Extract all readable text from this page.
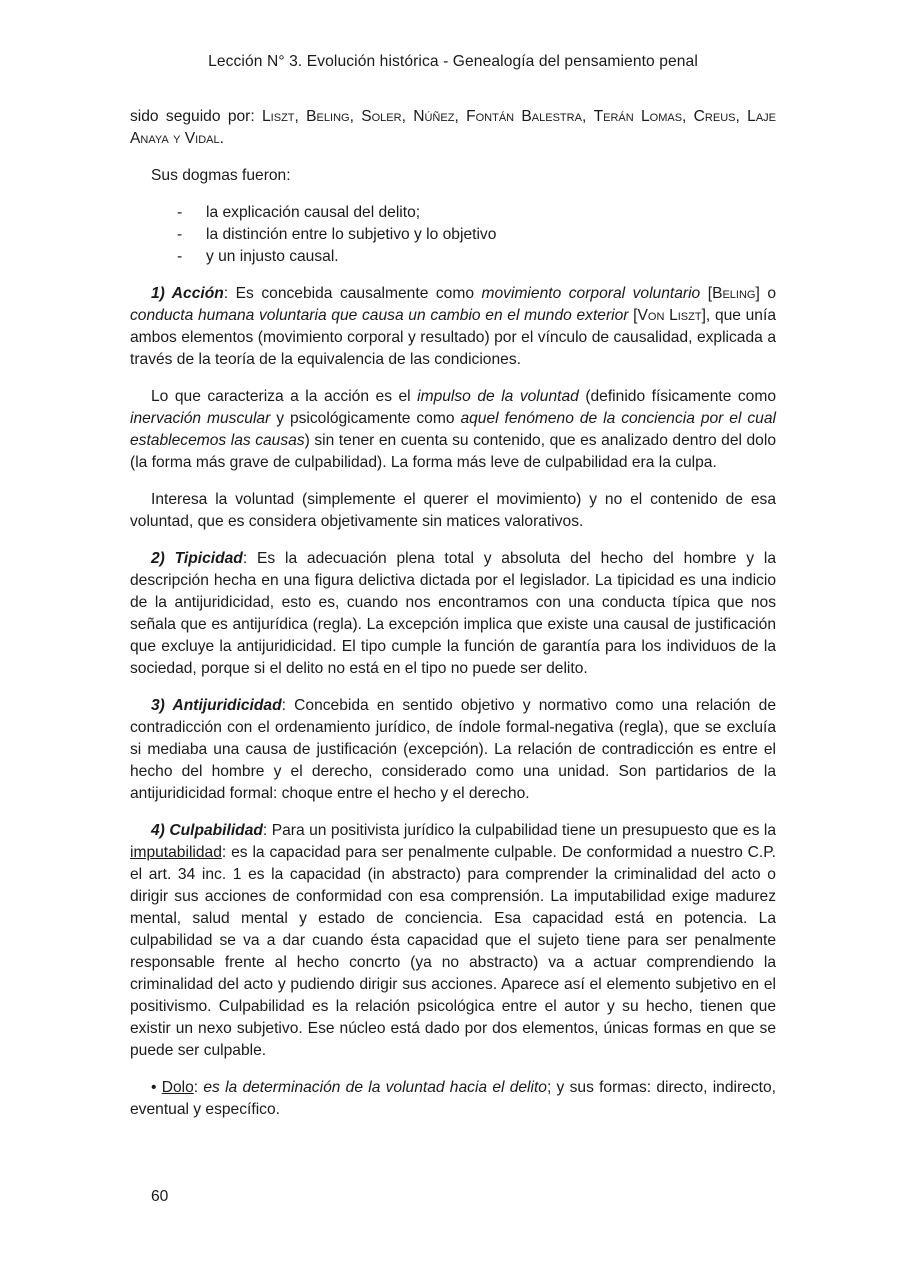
Lección N° 3. Evolución histórica - Genealogía del pensamiento penal

sido seguido por: Liszt, Beling, Soler, Núñez, Fontán Balestra, Terán Lomas, Creus, Laje Anaya y Vidal.

Sus dogmas fueron:

- la explicación causal del delito;
- la distinción entre lo subjetivo y lo objetivo
- y un injusto causal.

1) Acción: Es concebida causalmente como movimiento corporal voluntario [Beling] o conducta humana voluntaria que causa un cambio en el mundo exterior [Von Liszt], que unía ambos elementos (movimiento corporal y resultado) por el vínculo de causalidad, explicada a través de la teoría de la equivalencia de las condiciones.

Lo que caracteriza a la acción es el impulso de la voluntad (definido físicamente como inervación muscular y psicológicamente como aquel fenómeno de la conciencia por el cual establecemos las causas) sin tener en cuenta su contenido, que es analizado dentro del dolo (la forma más grave de culpabilidad). La forma más leve de culpabilidad era la culpa.

Interesa la voluntad (simplemente el querer el movimiento) y no el contenido de esa voluntad, que es considera objetivamente sin matices valorativos.

2) Tipicidad: Es la adecuación plena total y absoluta del hecho del hombre y la descripción hecha en una figura delictiva dictada por el legislador. La tipicidad es una indicio de la antijuridicidad, esto es, cuando nos encontramos con una conducta típica que nos señala que es antijurídica (regla). La excepción implica que existe una causal de justificación que excluye la antijuridicidad. El tipo cumple la función de garantía para los individuos de la sociedad, porque si el delito no está en el tipo no puede ser delito.

3) Antijuridicidad: Concebida en sentido objetivo y normativo como una relación de contradicción con el ordenamiento jurídico, de índole formal-negativa (regla), que se excluía si mediaba una causa de justificación (excepción). La relación de contradicción es entre el hecho del hombre y el derecho, considerado como una unidad. Son partidarios de la antijuridicidad formal: choque entre el hecho y el derecho.

4) Culpabilidad: Para un positivista jurídico la culpabilidad tiene un presupuesto que es la imputabilidad: es la capacidad para ser penalmente culpable. De conformidad a nuestro C.P. el art. 34 inc. 1 es la capacidad (in abstracto) para comprender la criminalidad del acto o dirigir sus acciones de conformidad con esa comprensión. La imputabilidad exige madurez mental, salud mental y estado de conciencia. Esa capacidad está en potencia. La culpabilidad se va a dar cuando ésta capacidad que el sujeto tiene para ser penalmente responsable frente al hecho concrto (ya no abstracto) va a actuar comprendiendo la criminalidad del acto y pudiendo dirigir sus acciones. Aparece así el elemento subjetivo en el positivismo. Culpabilidad es la relación psicológica entre el autor y su hecho, tienen que existir un nexo subjetivo. Ese núcleo está dado por dos elementos, únicas formas en que se puede ser culpable.

• Dolo: es la determinación de la voluntad hacia el delito; y sus formas: directo, indirecto, eventual y específico.

60
